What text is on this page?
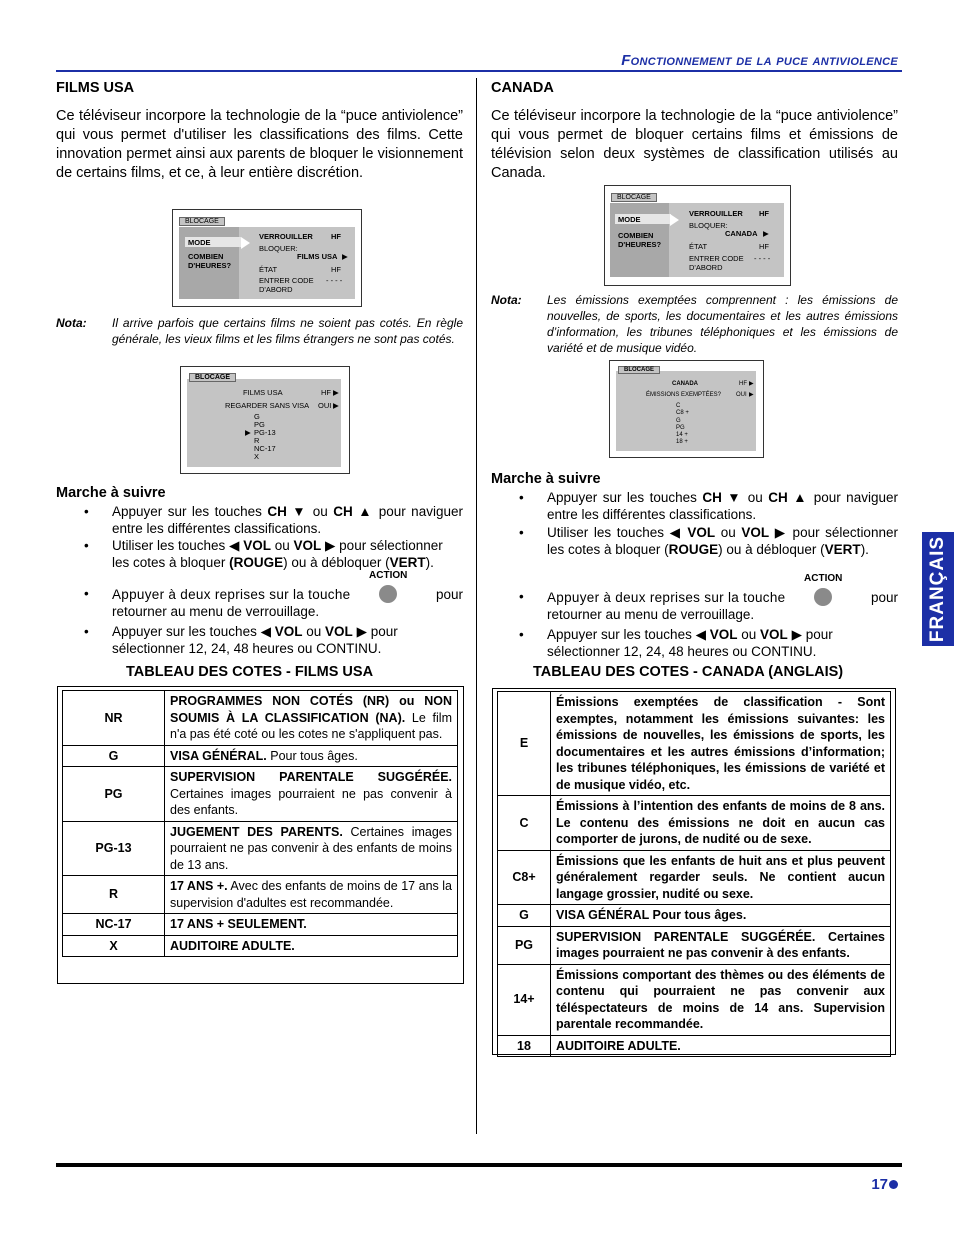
Fonctionnement de la puce antiviolence
FRANÇAIS
FILMS USA
Ce téléviseur incorpore la technologie de la “puce antiviolence” qui vous permet d'utiliser les classifications des films. Cette innovation permet ainsi aux parents de bloquer le visionnement de certains films, et ce, à leur entière discrétion.
BLOCAGE
MODE
COMBIEN D'HEURES?
VERROUILLER HF
BLOQUER:
FILMS USA ▶
ÉTAT	HF
ENTRER CODE D'ABORD
- - - -
Nota: Il arrive parfois que certains films ne soient pas cotés. En règle générale, les vieux films et les films étrangers ne sont pas cotés.
BLOCAGE
FILMS USA	HF ▶
REGARDER SANS VISA OUI ▶
G
PG
▶ PG-13
R
NC-17
X
Marche à suivre
• Appuyer sur les touches CH ▼ ou CH ▲ pour naviguer entre les différentes classifications.
• Utiliser les touches ◀ VOL ou VOL ▶ pour sélectionner les cotes à bloquer (ROUGE) ou à débloquer (VERT).
• Appuyer à deux reprises sur la touche
ACTION
pour
retourner au menu de verrouillage.
• Appuyer sur les touches ◀ VOL ou VOL ▶ pour sélectionner 12, 24, 48 heures ou CONTINU.
TABLEAU DES COTES - FILMS USA
NR	PROGRAMMES NON COTÉS (NR) ou NON SOUMIS À LA CLASSIFICATION (NA). Le film n'a pas été coté ou les cotes ne s'appliquent pas.
G	VISA GÉNÉRAL. Pour tous âges.
PG	SUPERVISION PARENTALE SUGGÉRÉE. Certaines images pourraient ne pas convenir à des enfants.
PG-13	JUGEMENT DES PARENTS. Certaines images pourraient ne pas convenir à des enfants de moins de 13 ans.
R	17 ANS +. Avec des enfants de moins de 17 ans la supervision d'adultes est recommandée.
NC-17	17 ANS + SEULEMENT.
X	AUDITOIRE ADULTE.
CANADA
Ce téléviseur incorpore la technologie de la “puce antiviolence” qui vous permet de bloquer certains films et émissions de télévision selon deux systèmes de classification utilisés au Canada.
BLOCAGE
MODE
COMBIEN D'HEURES?
VERROUILLER HF
BLOQUER:
CANADA ▶
ÉTAT	HF
ENTRER CODE D'ABORD
- - - -
Nota: Les émissions exemptées comprennent : les émissions de nouvelles, de sports, les documentaires et les autres émissions d’information, les tribunes téléphoniques et les émissions de variété et de musique vidéo.
BLOCAGE
CANADA	HF ▶
ÉMISSIONS EXEMPTÉES? OUI ▶
C
C8 +
G
PG
14 +
18 +
Marche à suivre
• Appuyer sur les touches CH ▼ ou CH ▲ pour naviguer entre les différentes classifications.
• Utiliser les touches ◀ VOL ou VOL ▶ pour sélectionner les cotes à bloquer (ROUGE) ou à débloquer (VERT).
• Appuyer à deux reprises sur la touche
ACTION
pour
retourner au menu de verrouillage.
• Appuyer sur les touches ◀ VOL ou VOL ▶ pour sélectionner 12, 24, 48 heures ou CONTINU.
TABLEAU DES COTES - CANADA (ANGLAIS)
E	Émissions exemptées de classification - Sont exemptes, notamment les émissions suivantes: les émissions de nouvelles, les émissions de sports, les documentaires et les autres émissions d’information; les tribunes téléphoniques, les émissions de variété et de musique vidéo, etc.
C	Émissions à l’intention des enfants de moins de 8 ans. Le contenu des émissions ne doit en aucun cas comporter de jurons, de nudité ou de sexe.
C8+	Émissions que les enfants de huit ans et plus peuvent généralement regarder seuls. Ne contient aucun langage grossier, nudité ou sexe.
G	VISA GÉNÉRAL Pour tous âges.
PG	SUPERVISION PARENTALE SUGGÉRÉE. Certaines images pourraient ne pas convenir à des enfants.
14+	Émissions comportant des thèmes ou des éléments de contenu qui pourraient ne pas convenir aux téléspectateurs de moins de 14 ans. Supervision parentale recommandée.
18	AUDITOIRE ADULTE.
17
